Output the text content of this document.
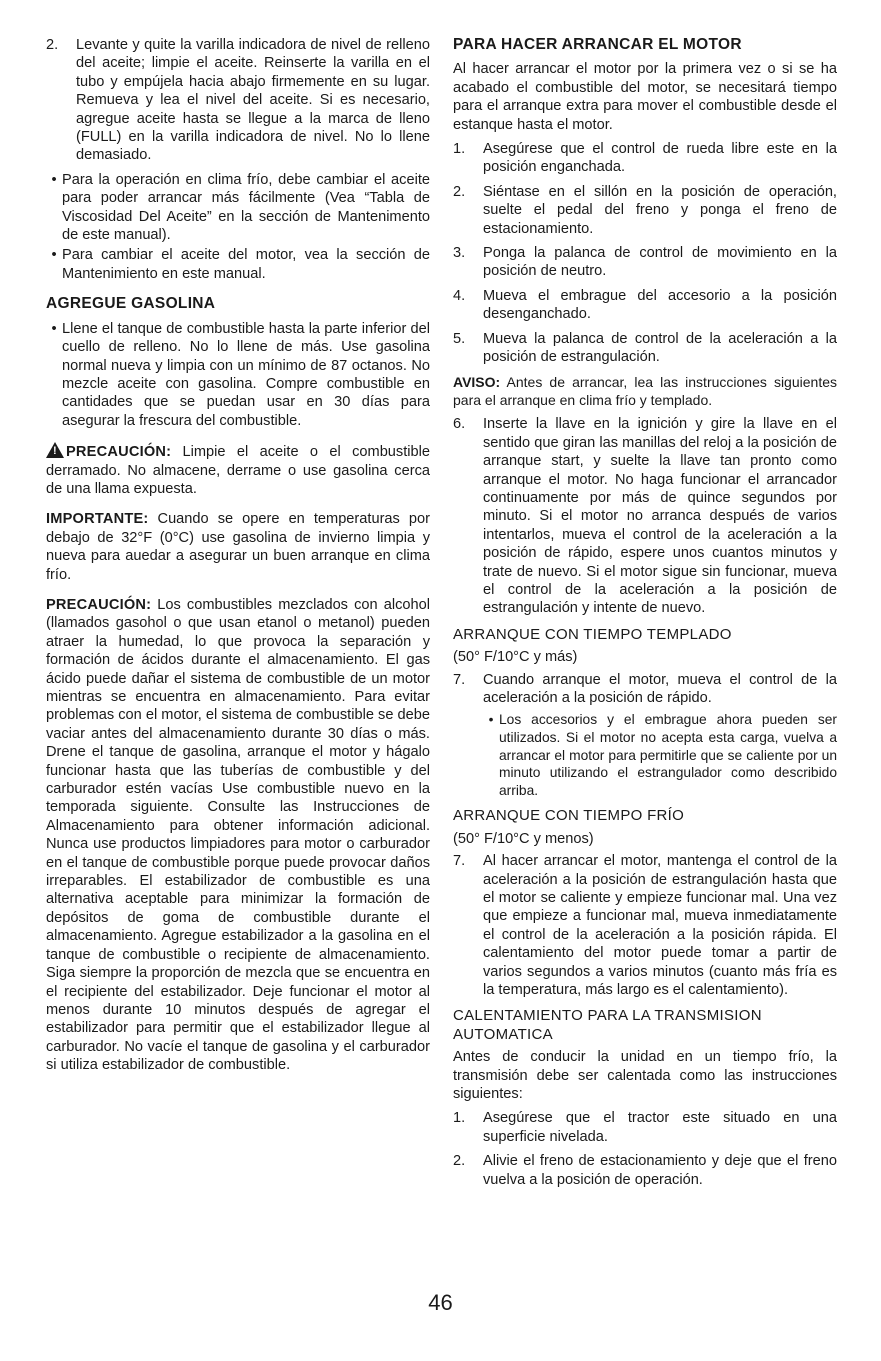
2.	Levante y quite la varilla indicadora de nivel de relleno del aceite; limpie el aceite. Reinserte la varilla en el tubo y empújela hacia abajo firmemente en su lugar. Remueva y lea el nivel del aceite. Si es necesario, agregue aceite hasta se llegue a la marca de lleno (FULL) en la varilla indicadora de nivel. No lo llene demasiado.
• Para la operación en clima frío, debe cambiar el aceite para poder arrancar más fácilmente (Vea “Tabla de Viscosidad Del Aceite” en la sección de Mantenimento de este manual).
• Para cambiar el aceite del motor, vea la sección de Mantenimiento en este manual.
AGREGUE GASOLINA
• Llene el tanque de combustible hasta la parte inferior del cuello de relleno. No lo llene de más. Use gasolina normal nueva y limpia con un mínimo de 87 octanos. No mezcle aceite con gasolina. Compre combustible en cantidades que se puedan usar en 30 días para asegurar la frescura del combustible.

!PRECAUCIÓN: Limpie el aceite o el combustible derramado. No almacene, derrame o use gasolina cerca de una llama expuesta.

IMPORTANTE: Cuando se opere en temperaturas por debajo de 32°F (0°C) use gasolina de invierno limpia y nueva para auedar a asegurar un buen arranque en clima frío.

PRECAUCIÓN: Los combustibles mezclados con alcohol (llamados gasohol o que usan etanol o metanol) pueden atraer la humedad, lo que provoca la separación y formación de ácidos durante el almacenamiento. El gas ácido puede dañar el sistema de combustible de un motor mientras se encuentra en almacenamiento. Para evitar problemas con el motor, el sistema de combustible se debe vaciar antes del almacenamiento durante 30 días o más. Drene el tanque de gasolina, arranque el motor y hágalo funcionar hasta que las tuberías de combustible y del carburador estén vacías Use combustible nuevo en la temporada siguiente. Consulte las Instrucciones de Almacenamiento para obtener información adicional. Nunca use productos limpiadores para motor o carburador en el tanque de combustible porque puede provocar daños irreparables. El estabilizador de combustible es una alternativa aceptable para minimizar la formación de depósitos de goma de combustible durante el almacenamiento. Agregue estabilizador a la gasolina en el tanque de combustible o recipiente de almacenamiento. Siga siempre la proporción de mezcla que se encuentra en el recipiente del estabilizador. Deje funcionar el motor al menos durante 10 minutos después de agregar el estabilizador para permitir que el estabilizador llegue al carburador. No vacíe el tanque de gasolina y el carburador si utiliza estabilizador de combustible.

PARA HACER ARRANCAR EL MOTOR

Al hacer arrancar el motor por la primera vez o si se ha acabado el combustible del motor, se necesitará tiempo para el arranque extra para mover el combustible desde el estanque hasta el motor.

1.	Asegúrese que el control de rueda libre este en la posición enganchada.
2.	Siéntase en el sillón en la posición de operación, suelte el pedal del freno y ponga el freno de estacionamiento.
3.	Ponga la palanca de control de movimiento en la posición de neutro.
4.	Mueva el embrague del accesorio a la posición desenganchado.
5.	Mueva la palanca de control de la aceleración a la posición de estrangulación.

AVISO: Antes de arrancar, lea las instrucciones siguientes para el arranque en clima frío y templado.

6.	Inserte la llave en la ignición y gire la llave en el sentido que giran las manillas del reloj a la posición de arranque start, y suelte la llave tan pronto como arranque el motor. No haga funcionar el arrancador continuamente por más de quince segundos por minuto. Si el motor no arranca después de varios intentarlos, mueva el control de la aceleración a la posición de rápido, espere unos cuantos minutos y trate de nuevo. Si el motor sigue sin funcionar, mueva el control de la aceleración a la posición de estrangulación y intente de nuevo.
ARRANQUE CON TIEMPO TEMPLADO
(50° F/10°C y más)
7.	Cuando arranque el motor, mueva el control de la aceleración a la posición de rápido.
• Los accesorios y el embrague ahora pueden ser utilizados. Si el motor no acepta esta carga, vuelva a arrancar el motor para permitirle que se caliente por un minuto utilizando el estrangulador como describido arriba.
ARRANQUE CON TIEMPO FRÍO
(50° F/10°C y menos)
7.	Al hacer arrancar el motor, mantenga el control de la aceleración a la posición de estrangulación hasta que el motor se caliente y empieze funcionar mal. Una vez que empieze a funcionar mal, mueva inmediatamente el control de la aceleración a la posición rápida. El calentamiento del motor puede tomar a partir de varios segundos a varios minutos (cuanto más fría es la temperatura, más largo es el calentamiento).
CALENTAMIENTO PARA LA TRANSMISION AUTOMATICA

Antes de conducir la unidad en un tiempo frío, la transmisión debe ser calentada como las instrucciones siguientes:

1.	Asegúrese que el tractor este situado en una superficie nivelada.
2.	Alivie el freno de estacionamiento y deje que el freno vuelva a la posición de operación.
46
